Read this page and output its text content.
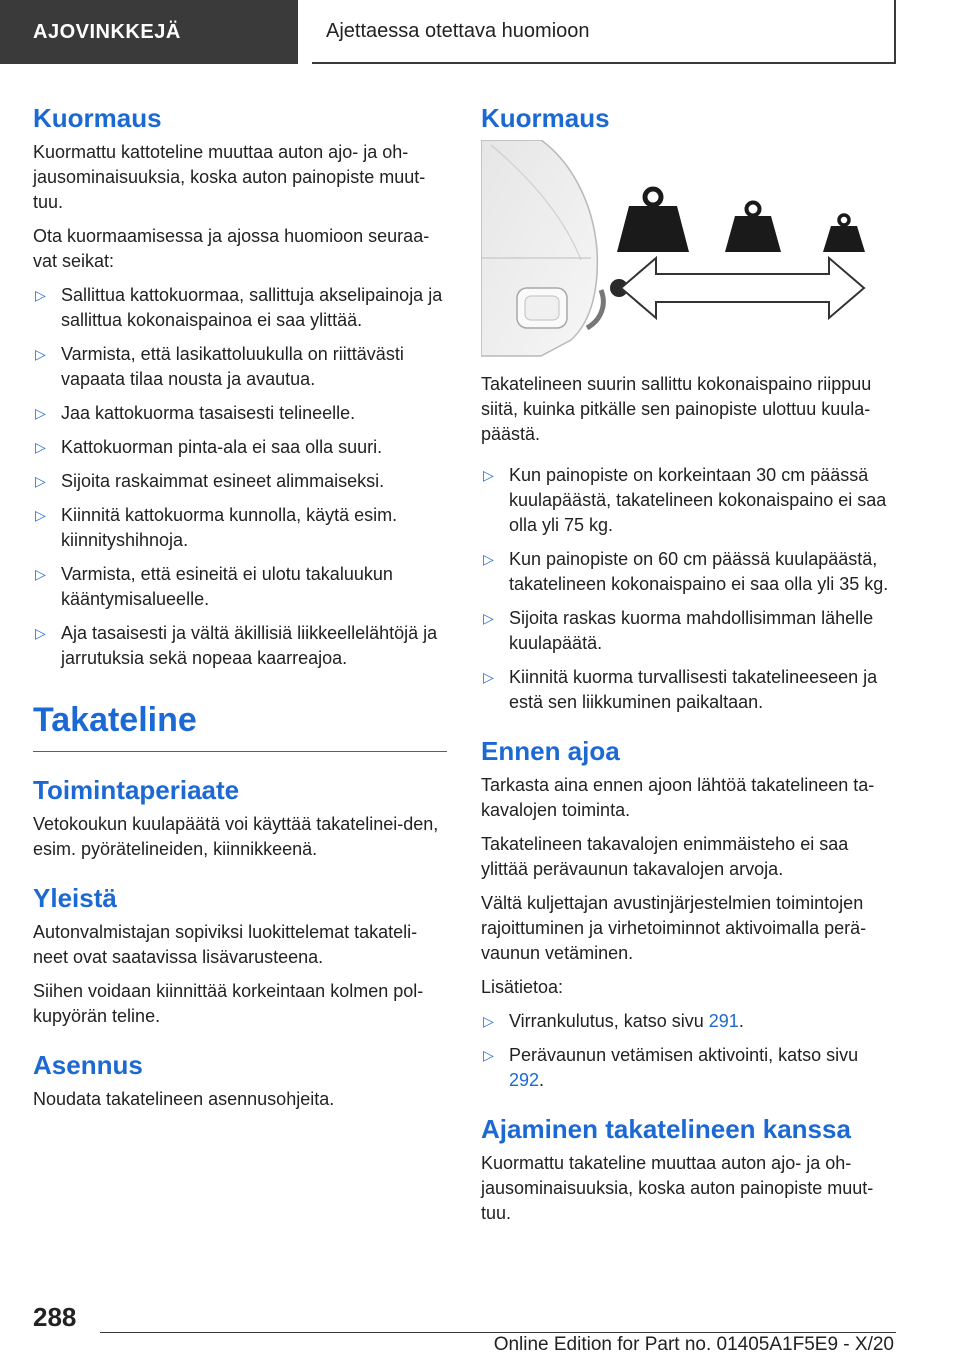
AJOVINKKEJÄ	Ajettaessa otettava huomioon
Kuormaus

Kuormattu kattoteline muuttaa auton ajo- ja oh-jausominaisuuksia, koska auton painopiste muut-tuu.

Ota kuormaamisessa ja ajossa huomioon seuraa-vat seikat:

▷ Sallittua kattokuormaa, sallittuja akselipainoja ja sallittua kokonaispainoa ei saa ylittää.
▷ Varmista, että lasikattoluukulla on riittävästi vapaata tilaa nousta ja avautua.
▷ Jaa kattokuorma tasaisesti telineelle.
▷ Kattokuorman pinta-ala ei saa olla suuri.
▷ Sijoita raskaimmat esineet alimmaiseksi.
▷ Kiinnitä kattokuorma kunnolla, käytä esim. kiinnityshihnoja.
▷ Varmista, että esineitä ei ulotu takaluukun kääntymisalueelle.
▷ Aja tasaisesti ja vältä äkillisiä liikkeellelähtöjä ja jarrutuksia sekä nopeaa kaarreajoa.
Takateline
Toimintaperiaate

Vetokoukun kuulapäätä voi käyttää takatelinei-den, esim. pyörätelineiden, kiinnikkeenä.

Yleistä

Autonvalmistajan sopiviksi luokittelemat takateli-neet ovat saatavissa lisävarusteena.

Siihen voidaan kiinnittää korkeintaan kolmen pol-kupyörän teline.

Asennus

Noudata takatelineen asennusohjeita.

Kuormaus

Takatelineen suurin sallittu kokonaispaino riippuu siitä, kuinka pitkälle sen painopiste ulottuu kuula-päästä.

▷ Kun painopiste on korkeintaan 30 cm päässä kuulapäästä, takatelineen kokonaispaino ei saa olla yli 75 kg.
▷ Kun painopiste on 60 cm päässä kuulapäästä, takatelineen kokonaispaino ei saa olla yli 35 kg.
▷ Sijoita raskas kuorma mahdollisimman lähelle kuulapäätä.
▷ Kiinnitä kuorma turvallisesti takatelineeseen ja estä sen liikkuminen paikaltaan.
Ennen ajoa

Tarkasta aina ennen ajoon lähtöä takatelineen ta-kavalojen toiminta.

Takatelineen takavalojen enimmäisteho ei saa ylittää perävaunun takavalojen arvoja.

Vältä kuljettajan avustinjärjestelmien toimintojen rajoittuminen ja virhetoiminnot aktivoimalla perä-vaunun vetäminen.

Lisätietoa:

▷ Virrankulutus, katso sivu 291.
▷ Perävaunun vetämisen aktivointi, katso sivu 292.
Ajaminen takatelineen kanssa

Kuormattu takateline muuttaa auton ajo- ja oh-jausominaisuuksia, koska auton painopiste muut-tuu.

288
Online Edition for Part no. 01405A1F5E9 - X/20
